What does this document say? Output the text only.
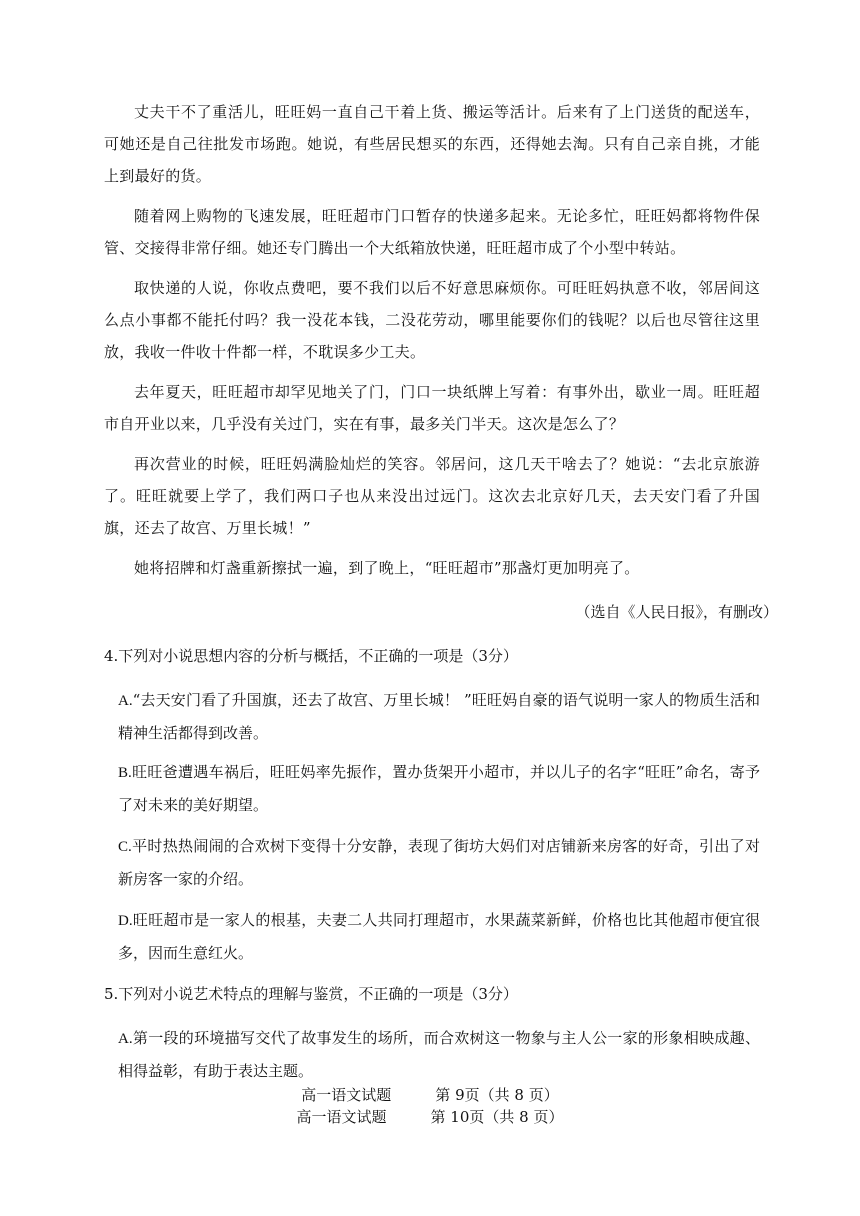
丈夫干不了重活儿，旺旺妈一直自己干着上货、搬运等活计。后来有了上门送货的配送车，可她还是自己往批发市场跑。她说，有些居民想买的东西，还得她去淘。只有自己亲自挑，才能上到最好的货。

随着网上购物的飞速发展，旺旺超市门口暂存的快递多起来。无论多忙，旺旺妈都将物件保管、交接得非常仔细。她还专门腾出一个大纸箱放快递，旺旺超市成了个小型中转站。

取快递的人说，你收点费吧，要不我们以后不好意思麻烦你。可旺旺妈执意不收，邻居间这么点小事都不能托付吗？我一没花本钱，二没花劳动，哪里能要你们的钱呢？以后也尽管往这里放，我收一件收十件都一样，不耽误多少工夫。

去年夏天，旺旺超市却罕见地关了门，门口一块纸牌上写着：有事外出，歇业一周。旺旺超市自开业以来，几乎没有关过门，实在有事，最多关门半天。这次是怎么了？

再次营业的时候，旺旺妈满脸灿烂的笑容。邻居问，这几天干啥去了？她说：“去北京旅游了。旺旺就要上学了，我们两口子也从来没出过远门。这次去北京好几天，去天安门看了升国旗，还去了故宫、万里长城！”

她将招牌和灯盏重新擦拭一遍，到了晚上，“旺旺超市”那盏灯更加明亮了。

（选自《人民日报》，有删改）

4.下列对小说思想内容的分析与概括，不正确的一项是（3分）

A.“去天安门看了升国旗，还去了故宫、万里长城！ ”旺旺妈自豪的语气说明一家人的物质生活和精神生活都得到改善。

B.旺旺爸遭遇车祸后，旺旺妈率先振作，置办货架开小超市，并以儿子的名字“旺旺”命名，寄予了对未来的美好期望。

C.平时热热闹闹的合欢树下变得十分安静，表现了街坊大妈们对店铺新来房客的好奇，引出了对新房客一家的介绍。

D.旺旺超市是一家人的根基，夫妻二人共同打理超市，水果蔬菜新鲜，价格也比其他超市便宜很多，因而生意红火。

5.下列对小说艺术特点的理解与鉴赏，不正确的一项是（3分）

A.第一段的环境描写交代了故事发生的场所，而合欢树这一物象与主人公一家的形象相映成趣、相得益彰，有助于表达主题。

高一语文试题	第 9页（共 8 页）

高一语文试题	第 10页（共 8 页）
